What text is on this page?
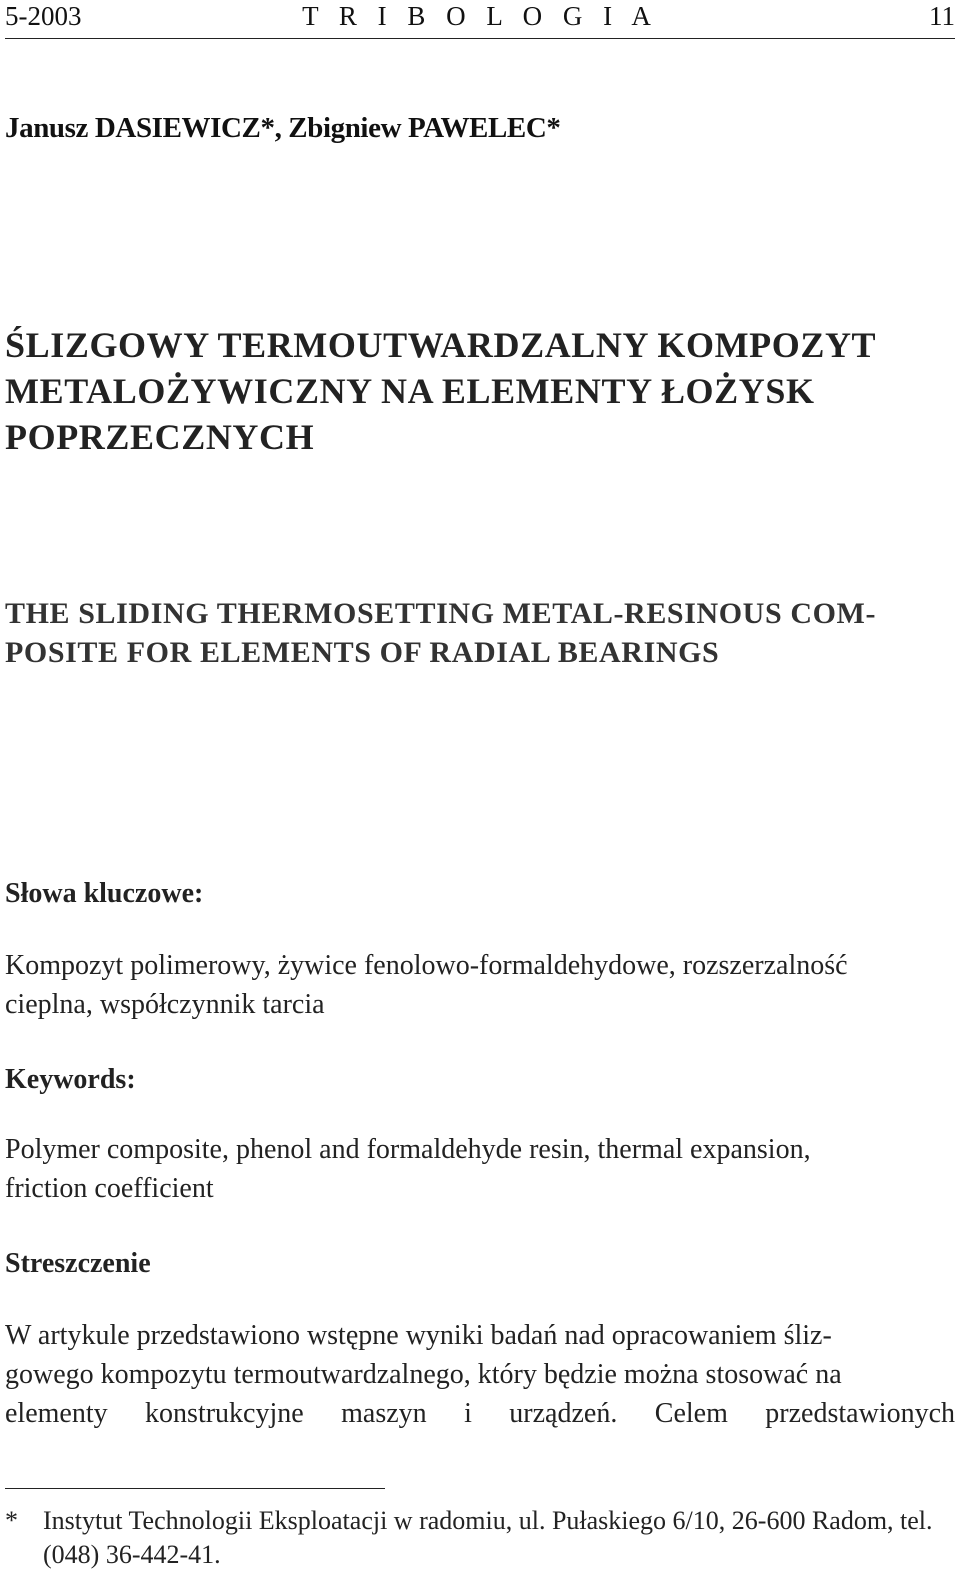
5-2003	T R I B O L O G I A	11
Janusz DASIEWICZ*, Zbigniew PAWELEC*
ŚLIZGOWY TERMOUTWARDZALNY KOMPOZYT
METALOŻYWICZNY NA ELEMENTY ŁOŻYSK
POPRZECZNYCH
THE SLIDING THERMOSETTING METAL-RESINOUS COM-
POSITE FOR ELEMENTS OF RADIAL BEARINGS
Słowa kluczowe:
Kompozyt polimerowy, żywice fenolowo-formaldehydowe, rozszerzalność
cieplna, współczynnik tarcia
Keywords:
Polymer composite, phenol and formaldehyde resin, thermal expansion,
friction coefficient
Streszczenie
W artykule przedstawiono wstępne wyniki badań nad opracowaniem śliz-
gowego kompozytu termoutwardzalnego, który będzie można stosować na
elementy konstrukcyjne maszyn i urządzeń. Celem przedstawionych
* Instytut Technologii Eksploatacji w radomiu, ul. Pułaskiego 6/10, 26-600 Radom, tel.
(048) 36-442-41.
